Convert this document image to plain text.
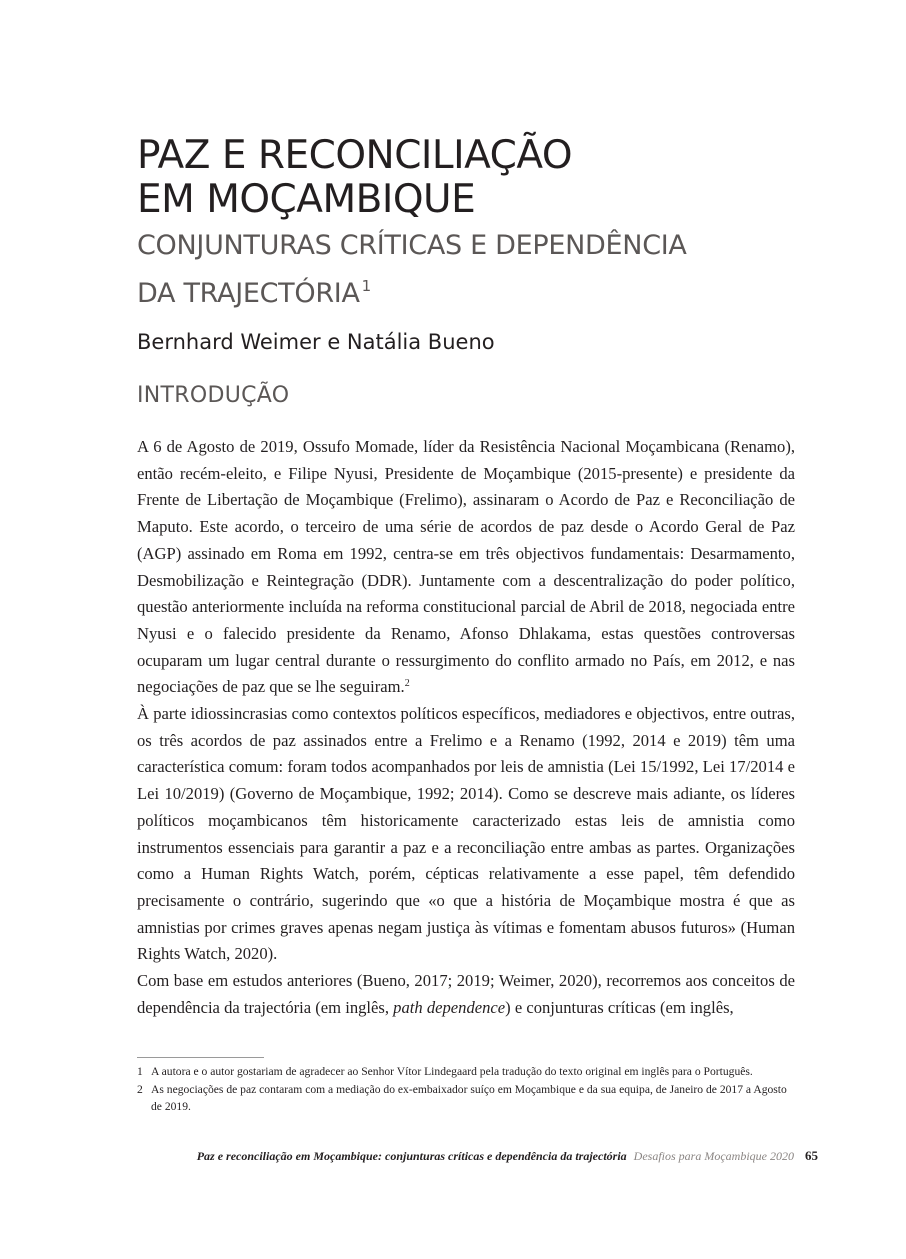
PAZ E RECONCILIAÇÃO
EM MOÇAMBIQUE
CONJUNTURAS CRÍTICAS E DEPENDÊNCIA
DA TRAJECTÓRIA $^1$

Bernhard Weimer e Natália Bueno

INTRODUÇÃO

A 6 de Agosto de 2019, Ossufo Momade, líder da Resistência Nacional Moçambicana (Renamo), então recém-eleito, e Filipe Nyusi, Presidente de Moçambique (2015-presente) e presidente da Frente de Libertação de Moçambique (Frelimo), assinaram o Acordo de Paz e Reconciliação de Maputo. Este acordo, o terceiro de uma série de acordos de paz desde o Acordo Geral de Paz (AGP) assinado em Roma em 1992, centra-se em três objectivos fundamentais: Desarmamento, Desmobilização e Reintegração (DDR). Juntamente com a descentralização do poder político, questão anteriormente incluída na reforma constitucional parcial de Abril de 2018, negociada entre Nyusi e o falecido presidente da Renamo, Afonso Dhlakama, estas questões controversas ocuparam um lugar central durante o ressurgimento do conflito armado no País, em 2012, e nas negociações de paz que se lhe seguiram.$^2$

À parte idiossincrasias como contextos políticos específicos, mediadores e objectivos, entre outras, os três acordos de paz assinados entre a Frelimo e a Renamo (1992, 2014 e 2019) têm uma característica comum: foram todos acompanhados por leis de amnistia (Lei 15/1992, Lei 17/2014 e Lei 10/2019) (Governo de Moçambique, 1992; 2014). Como se descreve mais adiante, os líderes políticos moçambicanos têm historicamente caracterizado estas leis de amnistia como instrumentos essenciais para garantir a paz e a reconciliação entre ambas as partes. Organizações como a Human Rights Watch, porém, cépticas relativamente a esse papel, têm defendido precisamente o contrário, sugerindo que «o que a história de Moçambique mostra é que as amnistias por crimes graves apenas negam justiça às vítimas e fomentam abusos futuros» (Human Rights Watch, 2020).

Com base em estudos anteriores (Bueno, 2017; 2019; Weimer, 2020), recorremos aos conceitos de dependência da trajectória (em inglês, path dependence) e conjunturas críticas (em inglês,

1 A autora e o autor gostariam de agradecer ao Senhor Vítor Lindegaard pela tradução do texto original em inglês para o Português.
2 As negociações de paz contaram com a mediação do ex-embaixador suíço em Moçambique e da sua equipa, de Janeiro de 2017 a Agosto de 2019.
Paz e reconciliação em Moçambique: conjunturas críticas e dependência da trajectória Desafios para Moçambique 2020 65
